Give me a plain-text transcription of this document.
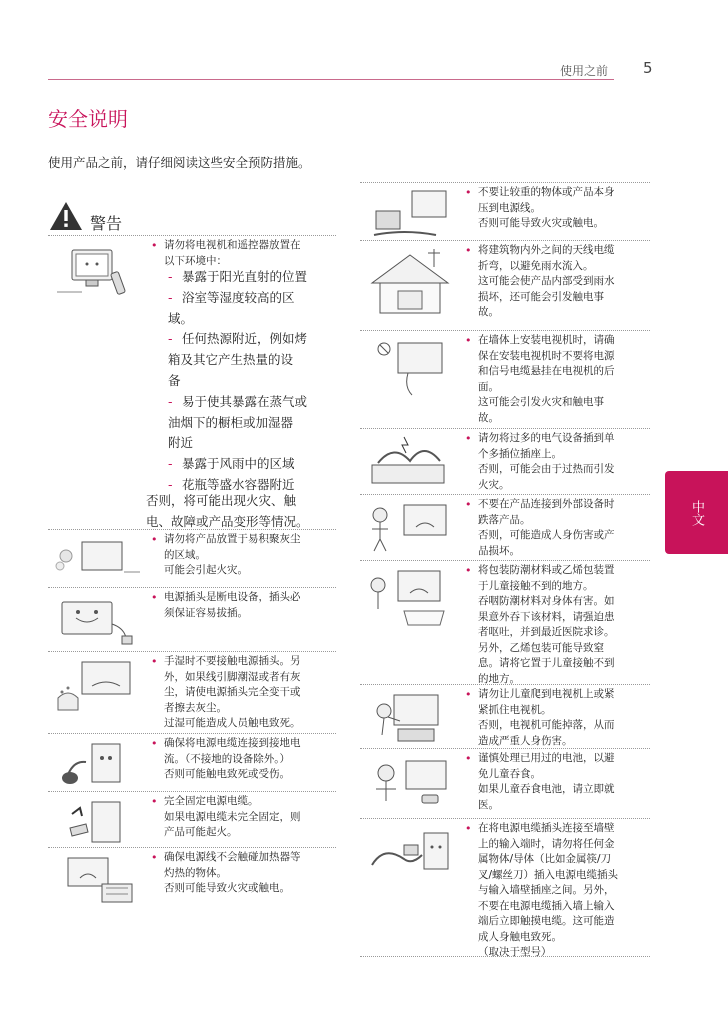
使用之前 5
安全说明
使用产品之前，请仔细阅读这些安全预防措施。
警告
中文
• 请勿将电视机和遥控器放置在
以下环境中：
- 暴露于阳光直射的位置
- 浴室等湿度较高的区
域。
- 任何热源附近，例如烤
箱及其它产生热量的设
备
- 易于使其暴露在蒸气或
油烟下的橱柜或加湿器
附近
- 暴露于风雨中的区域
- 花瓶等盛水容器附近
否则，将可能出现火灾、触
电、故障或产品变形等情况。
• 请勿将产品放置于易积聚灰尘
的区域。
可能会引起火灾。
• 电源插头是断电设备，插头必
须保证容易拔插。
• 手湿时不要接触电源插头。另
外，如果线引脚潮湿或者有灰
尘，请使电源插头完全变干或
者擦去灰尘。
过湿可能造成人员触电致死。
• 确保将电源电缆连接到接地电
流。（不接地的设备除外。）
否则可能触电致死或受伤。
• 完全固定电源电缆。
如果电源电缆未完全固定，则
产品可能起火。
• 确保电源线不会触碰加热器等
灼热的物体。
否则可能导致火灾或触电。
• 不要让较重的物体或产品本身
压到电源线。
否则可能导致火灾或触电。
• 将建筑物内外之间的天线电缆
折弯，以避免雨水流入。
这可能会使产品内部受到雨水
损坏，还可能会引发触电事
故。
• 在墙体上安装电视机时，请确
保在安装电视机时不要将电源
和信号电缆悬挂在电视机的后
面。
这可能会引发火灾和触电事
故。
• 请勿将过多的电气设备插到单
个多插位插座上。
否则，可能会由于过热而引发
火灾。
• 不要在产品连接到外部设备时
跌落产品。
否则，可能造成人身伤害或产
品损坏。
• 将包装防潮材料或乙烯包装置
于儿童接触不到的地方。
吞咽防潮材料对身体有害。如
果意外吞下该材料，请强迫患
者呕吐，并到最近医院求诊。
另外，乙烯包装可能导致窒
息。请将它置于儿童接触不到
的地方。
• 请勿让儿童爬到电视机上或紧
紧抓住电视机。
否则，电视机可能掉落，从而
造成严重人身伤害。
• 谨慎处理已用过的电池，以避
免儿童吞食。
如果儿童吞食电池，请立即就
医。
• 在将电源电缆插头连接至墙壁
上的输入端时，请勿将任何金
属物体/导体（比如金属筷/刀
叉/螺丝刀）插入电源电缆插头
与输入墙壁插座之间。另外，
不要在电源电缆插入墙上输入
端后立即触摸电缆。这可能造
成人身触电致死。
（取决于型号）
